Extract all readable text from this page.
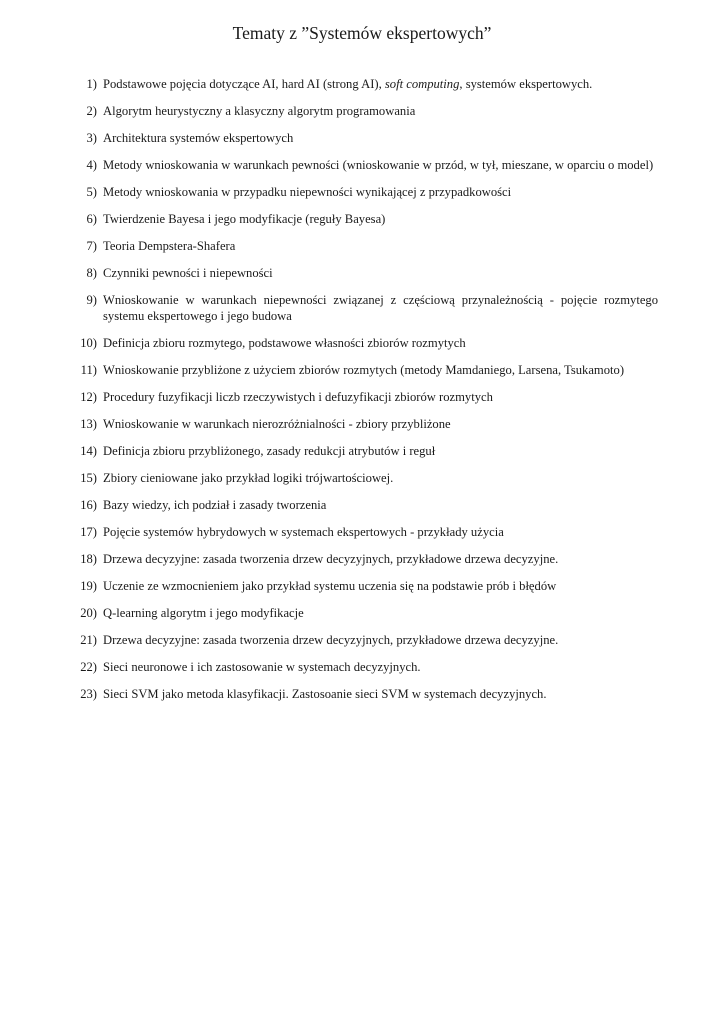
Tematy z ”Systemów ekspertowych”
1) Podstawowe pojęcia dotyczące AI, hard AI (strong AI), soft computing, systemów ekspertowych.
2) Algorytm heurystyczny a klasyczny algorytm programowania
3) Architektura systemów ekspertowych
4) Metody wnioskowania w warunkach pewności (wnioskowanie w przód, w tył, mieszane, w oparciu o model)
5) Metody wnioskowania w przypadku niepewności wynikającej z przypadkowości
6) Twierdzenie Bayesa i jego modyfikacje (reguły Bayesa)
7) Teoria Dempstera-Shafera
8) Czynniki pewności i niepewności
9) Wnioskowanie w warunkach niepewności związanej z częściową przynależnością - pojęcie rozmytego systemu ekspertowego i jego budowa
10) Definicja zbioru rozmytego, podstawowe własności zbiorów rozmytych
11) Wnioskowanie przybliżone z użyciem zbiorów rozmytych (metody Mamdaniego, Larsena, Tsukamoto)
12) Procedury fuzyfikacji liczb rzeczywistych i defuzyfikacji zbiorów rozmytych
13) Wnioskowanie w warunkach nierozróżnialności - zbiory przybliżone
14) Definicja zbioru przybliżonego, zasady redukcji atrybutów i reguł
15) Zbiory cieniowane jako przykład logiki trójwartościowej.
16) Bazy wiedzy, ich podział i zasady tworzenia
17) Pojęcie systemów hybrydowych w systemach ekspertowych - przykłady użycia
18) Drzewa decyzyjne: zasada tworzenia drzew decyzyjnych, przykładowe drzewa decyzyjne.
19) Uczenie ze wzmocnieniem jako przykład systemu uczenia się na podstawie prób i błędów
20) Q-learning algorytm i jego modyfikacje
21) Drzewa decyzyjne: zasada tworzenia drzew decyzyjnych, przykładowe drzewa decyzyjne.
22) Sieci neuronowe i ich zastosowanie w systemach decyzyjnych.
23) Sieci SVM jako metoda klasyfikacji. Zastosoanie sieci SVM w systemach decyzyjnych.
